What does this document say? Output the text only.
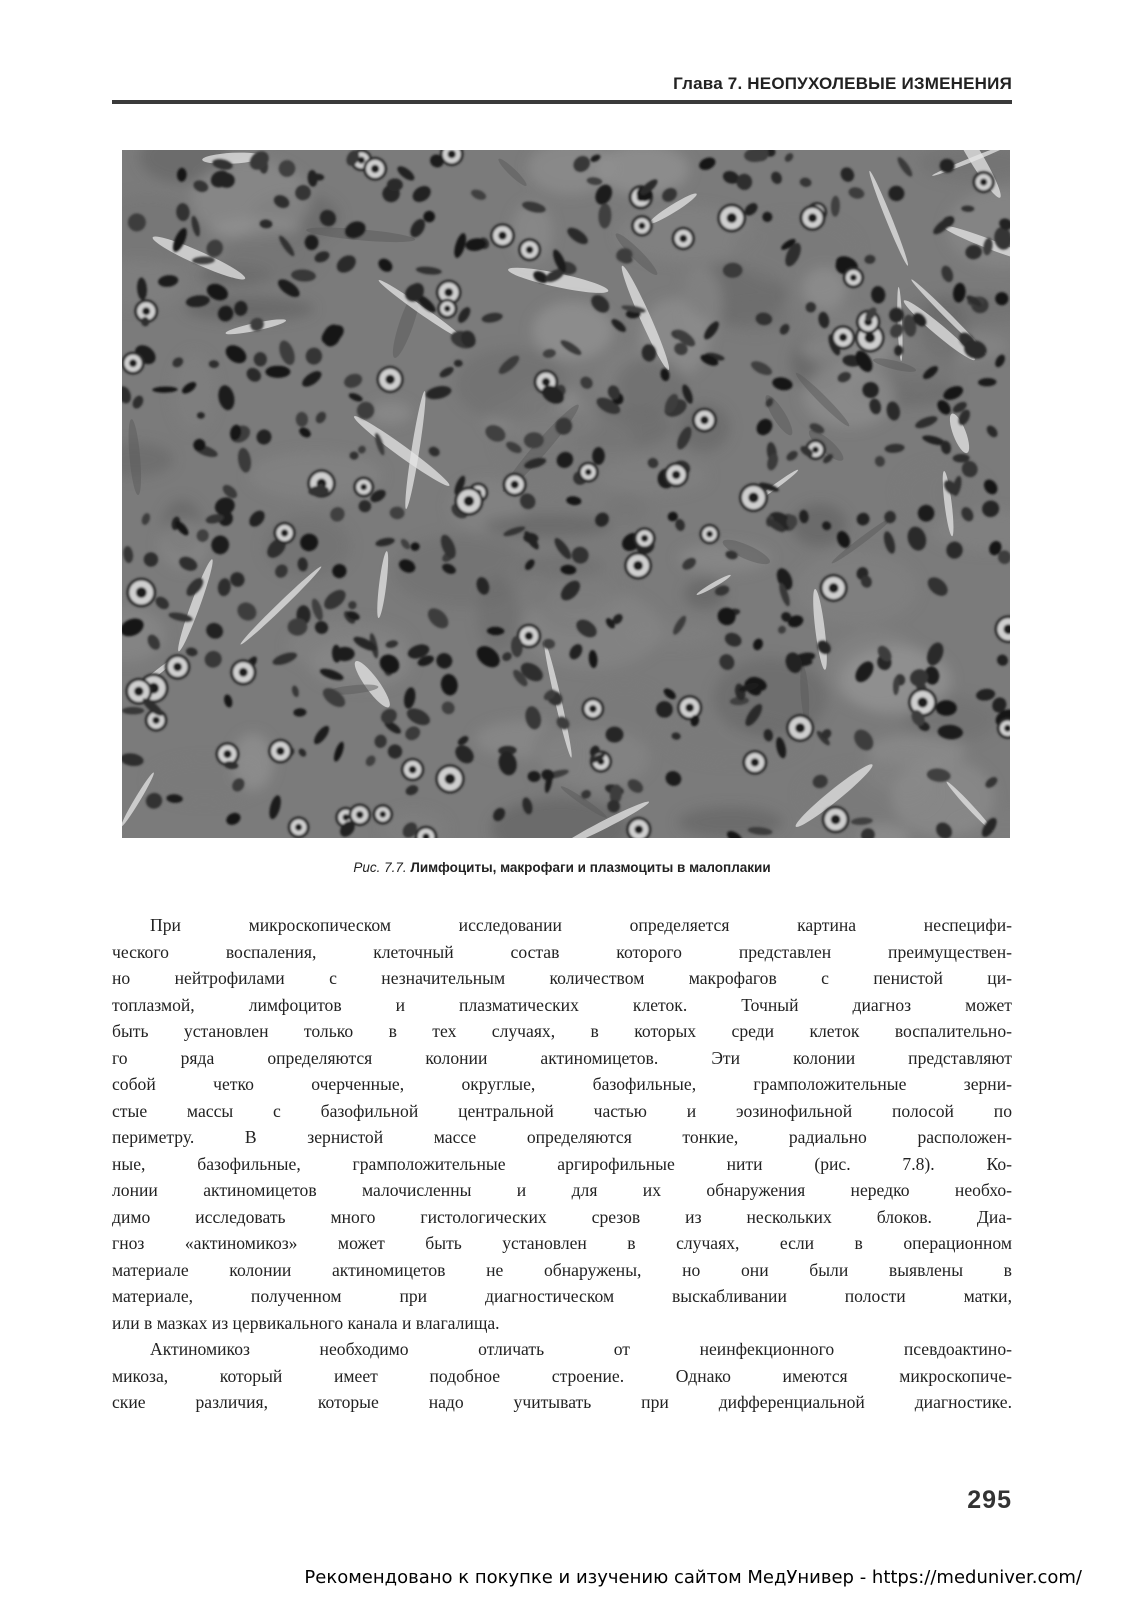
Глава 7. НЕОПУХОЛЕВЫЕ ИЗМЕНЕНИЯ
Рис. 7.7. Лимфоциты, макрофаги и плазмоциты в малоплакии
При микроскопическом исследовании определяется картина неспецифи-
ческого воспаления, клеточный состав которого представлен преимуществен-
но нейтрофилами с незначительным количеством макрофагов с пенистой ци-
топлазмой, лимфоцитов и плазматических клеток. Точный диагноз может
быть установлен только в тех случаях, в которых среди клеток воспалительно-
го ряда определяются колонии актиномицетов. Эти колонии представляют
собой четко очерченные, округлые, базофильные, грамположительные зерни-
стые массы с базофильной центральной частью и эозинофильной полосой по
периметру. В зернистой массе определяются тонкие, радиально расположен-
ные, базофильные, грамположительные аргирофильные нити (рис. 7.8). Ко-
лонии актиномицетов малочисленны и для их обнаружения нередко необхо-
димо исследовать много гистологических срезов из нескольких блоков. Диа-
гноз «актиномикоз» может быть установлен в случаях, если в операционном
материале колонии актиномицетов не обнаружены, но они были выявлены в
материале, полученном при диагностическом выскабливании полости матки,
или в мазках из цервикального канала и влагалища.
Актиномикоз необходимо отличать от неинфекционного псевдоактино-
микоза, который имеет подобное строение. Однако имеются микроскопиче-
ские различия, которые надо учитывать при дифференциальной диагностике.
295
Рекомендовано к покупке и изучению сайтом МедУнивер - https://meduniver.com/
